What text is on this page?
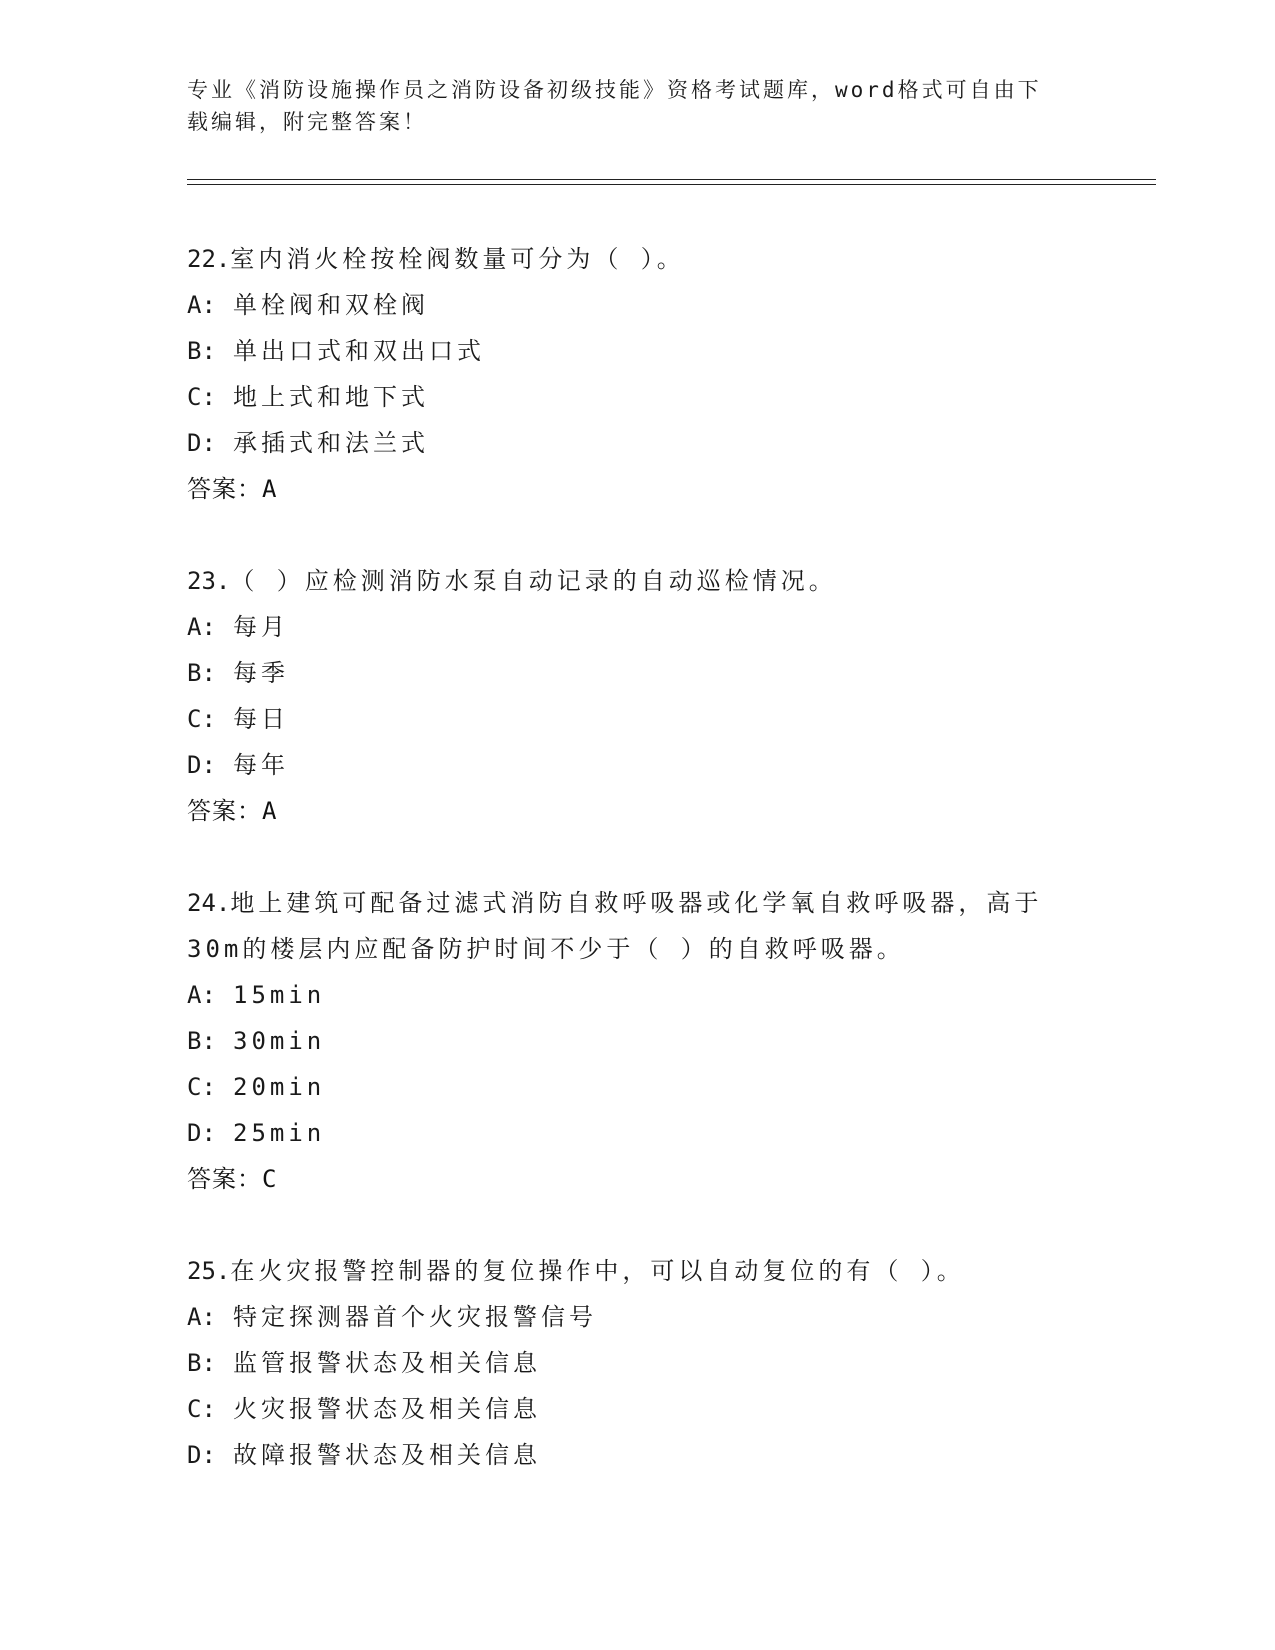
专业《消防设施操作员之消防设备初级技能》资格考试题库，word格式可自由下
载编辑，附完整答案！
22.室内消火栓按栓阀数量可分为（ ）。
A: 单栓阀和双栓阀
B: 单出口式和双出口式
C: 地上式和地下式
D: 承插式和法兰式
答案：A
23.（ ）应检测消防水泵自动记录的自动巡检情况。
A: 每月
B: 每季
C: 每日
D: 每年
答案：A
24.地上建筑可配备过滤式消防自救呼吸器或化学氧自救呼吸器，高于
30m的楼层内应配备防护时间不少于（ ）的自救呼吸器。
A: 15min
B: 30min
C: 20min
D: 25min
答案：C
25.在火灾报警控制器的复位操作中，可以自动复位的有（ ）。
A: 特定探测器首个火灾报警信号
B: 监管报警状态及相关信息
C: 火灾报警状态及相关信息
D: 故障报警状态及相关信息
